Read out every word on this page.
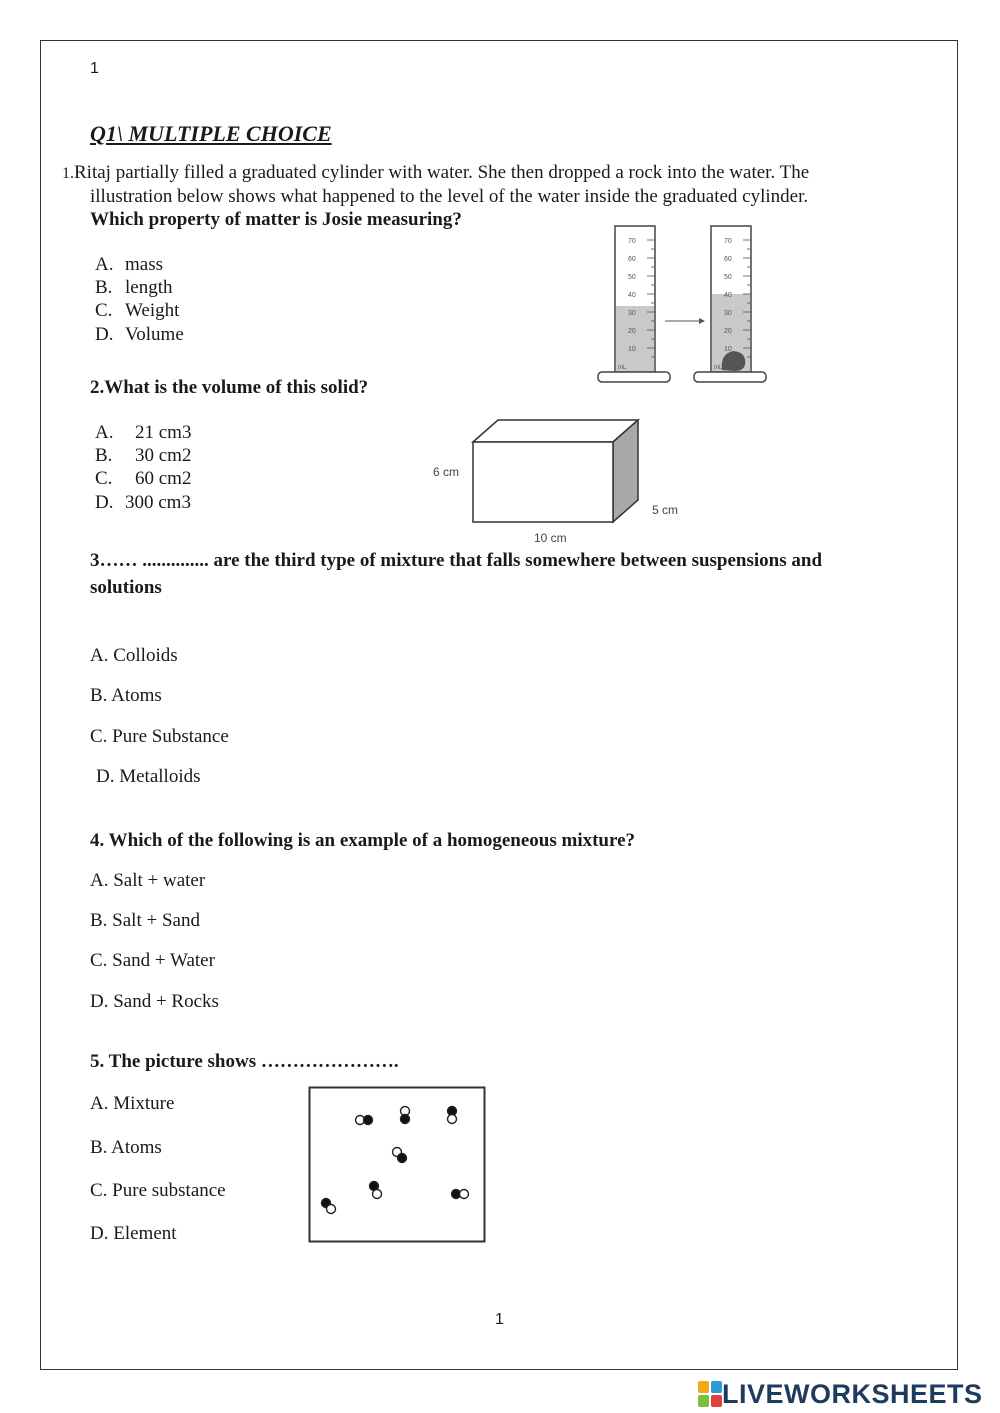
1
Q1\ MULTIPLE CHOICE
1.Ritaj partially filled a graduated cylinder with water. She then dropped a rock into the water. The
illustration below shows what happened to the level of the water inside the graduated cylinder.
Which property of matter is Josie measuring?
A. mass
B. length
C. Weight
D. Volume
70
60
50
40
30
20
10
mL
70
60
50
40
30
20
10
mL
2.What is the volume of this solid?
A. 21 cm3
B. 30 cm2
C. 60 cm2
D. 300 cm3
6 cm
5 cm
10 cm
3…… .............. are the third type of mixture that falls somewhere between suspensions and
solutions
A. Colloids
B. Atoms
C. Pure Substance
D. Metalloids
4. Which of the following is an example of a homogeneous mixture?
A. Salt + water
B. Salt + Sand
C. Sand + Water
D. Sand + Rocks
5. The picture shows ………………….
A. Mixture
B. Atoms
C. Pure substance
D. Element
1
LIVEWORKSHEETS
